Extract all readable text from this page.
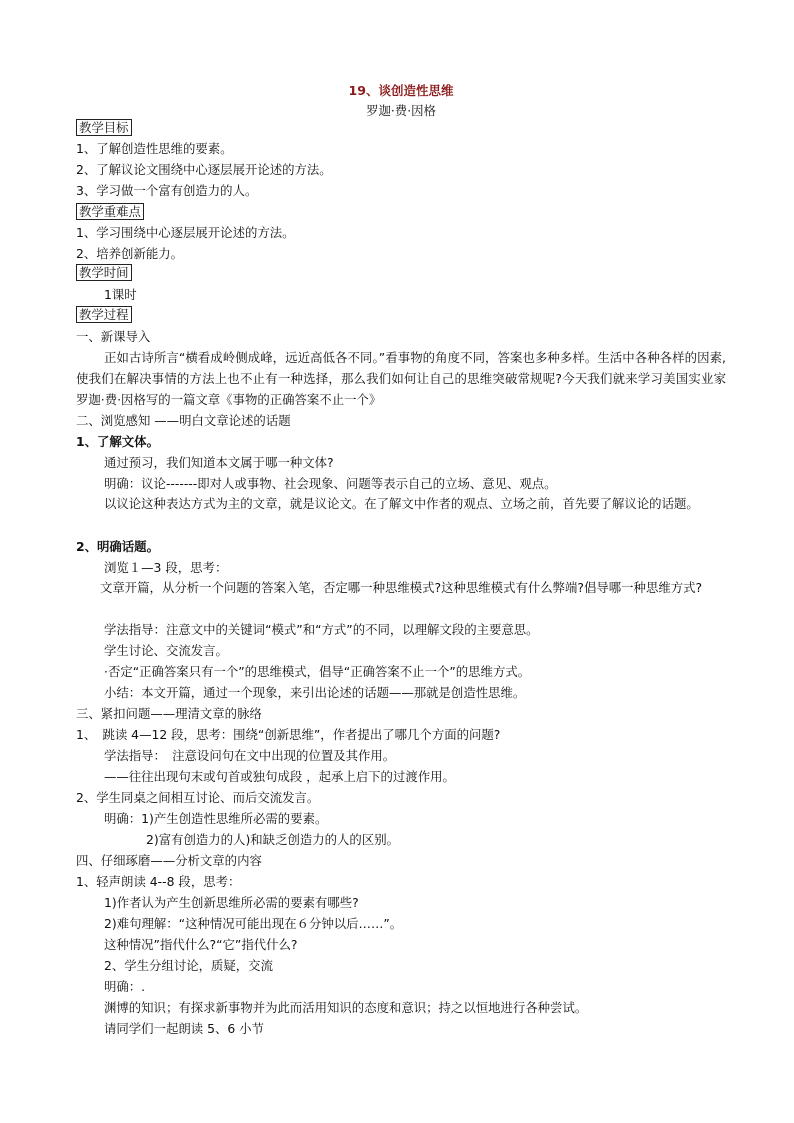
19、谈创造性思维
罗迦·费·因格
教学目标
1、了解创造性思维的要素。
2、了解议论文围绕中心逐层展开论述的方法。
3、学习做一个富有创造力的人。
教学重难点
1、学习围绕中心逐层展开论述的方法。
2、培养创新能力。
教学时间
1课时
教学过程
一、新课导入
正如古诗所言“横看成岭侧成峰，远近高低各不同。”看事物的角度不同，答案也多种多样。生活中各种各样的因素,使我们在解决事情的方法上也不止有一种选择，那么我们如何让自己的思维突破常规呢?今天我们就来学习美国实业家罗迦·费·因格写的一篇文章《事物的正确答案不止一个》
二、浏览感知 ——明白文章论述的话题
1、了解文体。
通过预习，我们知道本文属于哪一种文体?
明确：议论-------即对人或事物、社会现象、问题等表示自己的立场、意见、观点。
以议论这种表达方式为主的文章，就是议论文。在了解文中作者的观点、立场之前，首先要了解议论的话题。
2、明确话题。
浏览１—3 段，思考：
文章开篇，从分析一个问题的答案入笔，否定哪一种思维模式?这种思维模式有什么弊端?倡导哪一种思维方式?
学法指导：注意文中的关键词“模式”和“方式”的不同，以理解文段的主要意思。
学生讨论、交流发言。
·否定“正确答案只有一个”的思维模式，倡导“正确答案不止一个”的思维方式。
小结：本文开篇，通过一个现象，来引出论述的话题——那就是创造性思维。
三、紧扣问题——理清文章的脉络
1、　跳读 4—12 段，思考：围绕“创新思维”，作者提出了哪几个方面的问题?
学法指导：　注意设问句在文中出现的位置及其作用。
——往往出现句末或句首或独句成段 ，起承上启下的过渡作用。
2、学生同桌之间相互讨论、而后交流发言。
明确：1)产生创造性思维所必需的要素。
2)富有创造力的人)和缺乏创造力的人的区别。
四、仔细琢磨——分析文章的内容
1、轻声朗读 4--8 段，思考：
1)作者认为产生创新思维所必需的要素有哪些?
2)难句理解：“这种情况可能出现在６分钟以后……”。
这种情况”指代什么?“它”指代什么?
2、学生分组讨论，质疑，交流
明确：.
渊博的知识；有探求新事物并为此而活用知识的态度和意识；持之以恒地进行各种尝试。
请同学们一起朗读 5、6 小节
